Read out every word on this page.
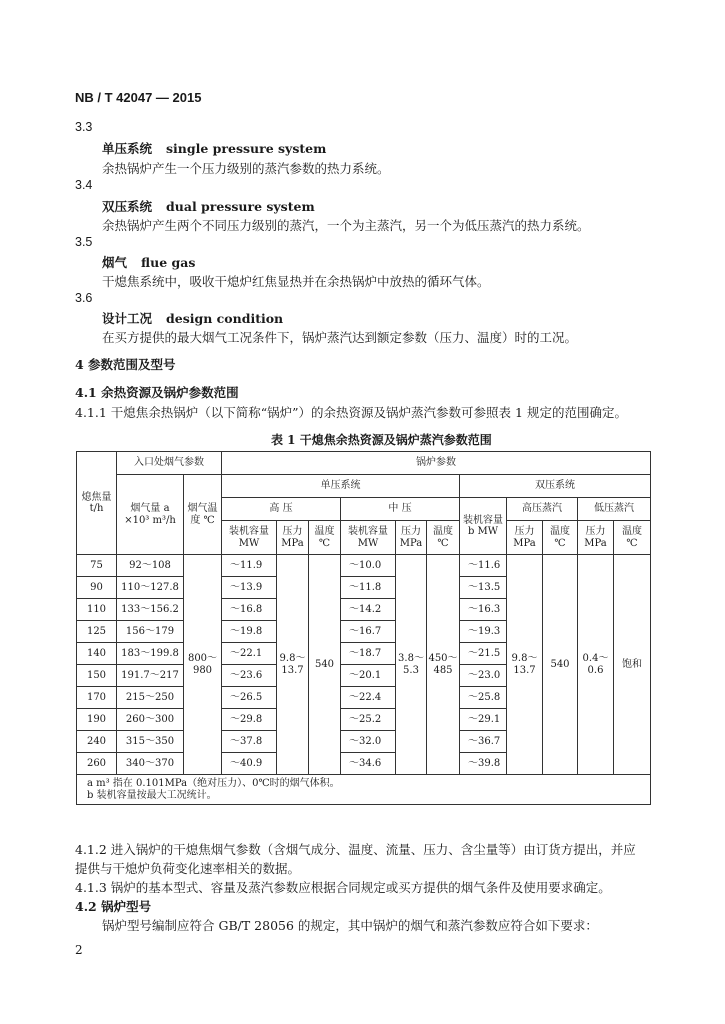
NB / T 42047 — 2015
3.3
单压系统 single pressure system
余热锅炉产生一个压力级别的蒸汽参数的热力系统。
3.4
双压系统 dual pressure system
余热锅炉产生两个不同压力级别的蒸汽，一个为主蒸汽，另一个为低压蒸汽的热力系统。
3.5
烟气 flue gas
干熄焦系统中，吸收干熄炉红焦显热并在余热锅炉中放热的循环气体。
3.6
设计工况 design condition
在买方提供的最大烟气工况条件下，锅炉蒸汽达到额定参数（压力、温度）时的工况。
4 参数范围及型号
4.1 余热资源及锅炉参数范围
4.1.1 干熄焦余热锅炉（以下简称“锅炉”）的余热资源及锅炉蒸汽参数可参照表 1 规定的范围确定。
表 1 干熄焦余热资源及锅炉蒸汽参数范围
熄焦量 t/h	入口处烟气参数		锅炉参数										
	烟气量 a ×10³ m³/h	烟气温度 ℃	单压系统						双压系统				
			高 压			中 压			装机容量 b MW	高压蒸汽		低压蒸汽	
			装机容量 MW	压力 MPa	温度 ℃	装机容量 MW	压力 MPa	温度 ℃		压力 MPa	温度 ℃	压力 MPa	温度 ℃
75	92～108	800～980	～11.9	9.8～13.7	540	～10.0	3.8～5.3	450～485	～11.6	9.8～13.7	540	0.4～0.6	饱和
90	110～127.8		～13.9			～11.8			～13.5				
110	133～156.2		～16.8			～14.2			～16.3				
125	156～179		～19.8			～16.7			～19.3				
140	183～199.8		～22.1			～18.7			～21.5				
150	191.7～217		～23.6			～20.1			～23.0				
170	215～250		～26.5			～22.4			～25.8				
190	260～300		～29.8			～25.2			～29.1				
240	315～350		～37.8			～32.0			～36.7				
260	340～370		～40.9			～34.6			～39.8				

a m³ 指在 0.101MPa（绝对压力）、0℃时的烟气体积。
b 装机容量按最大工况统计。													
4.1.2 进入锅炉的干熄焦烟气参数（含烟气成分、温度、流量、压力、含尘量等）由订货方提出，并应
提供与干熄炉负荷变化速率相关的数据。
4.1.3 锅炉的基本型式、容量及蒸汽参数应根据合同规定或买方提供的烟气条件及使用要求确定。
4.2 锅炉型号
锅炉型号编制应符合 GB/T 28056 的规定，其中锅炉的烟气和蒸汽参数应符合如下要求：
2
